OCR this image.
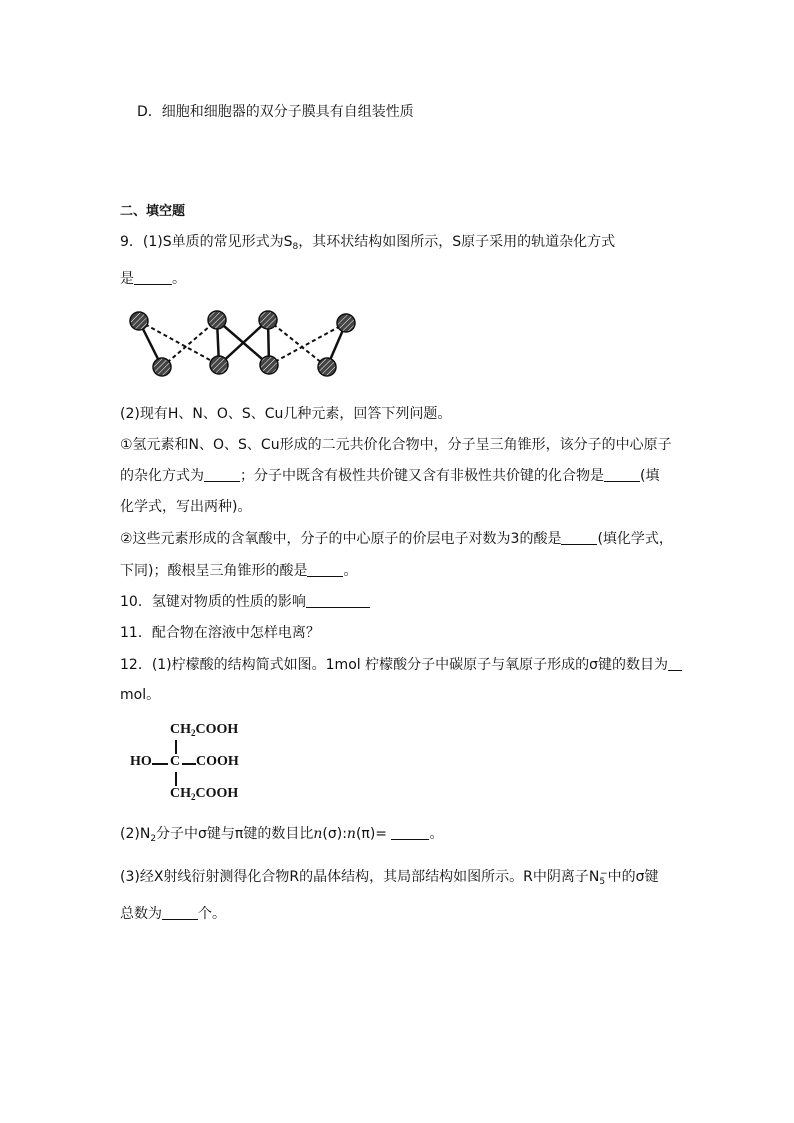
D．细胞和细胞器的双分子膜具有自组装性质
二、填空题
9．(1)S单质的常见形式为$S_8$，其环状结构如图所示，S原子采用的轨道杂化方式
是	。
(2)现有H、N、O、S、Cu几种元素，回答下列问题。
①氢元素和N、O、S、Cu形成的二元共价化合物中，分子呈三角锥形，该分子的中心原子
的杂化方式为	；分子中既含有极性共价键又含有非极性共价键的化合物是	(填
化学式，写出两种)。
②这些元素形成的含氧酸中，分子的中心原子的价层电子对数为3的酸是	(填化学式，
下同)；酸根呈三角锥形的酸是	。
10．氢键对物质的性质的影响
11．配合物在溶液中怎样电离？
12．(1)柠檬酸的结构简式如图。1mol 柠檬酸分子中碳原子与氧原子形成的σ键的数目为
mol。
$CH_2COOH$
HO C COOH
$CH_2COOH$
$(2)N_2$分子中σ键与π键的数目比n(σ):n(π)=	。
(3)经X射线衍射测得化合物R的晶体结构，其局部结构如图所示。R中阴离子$N_5^-$中的σ键
总数为	个。
